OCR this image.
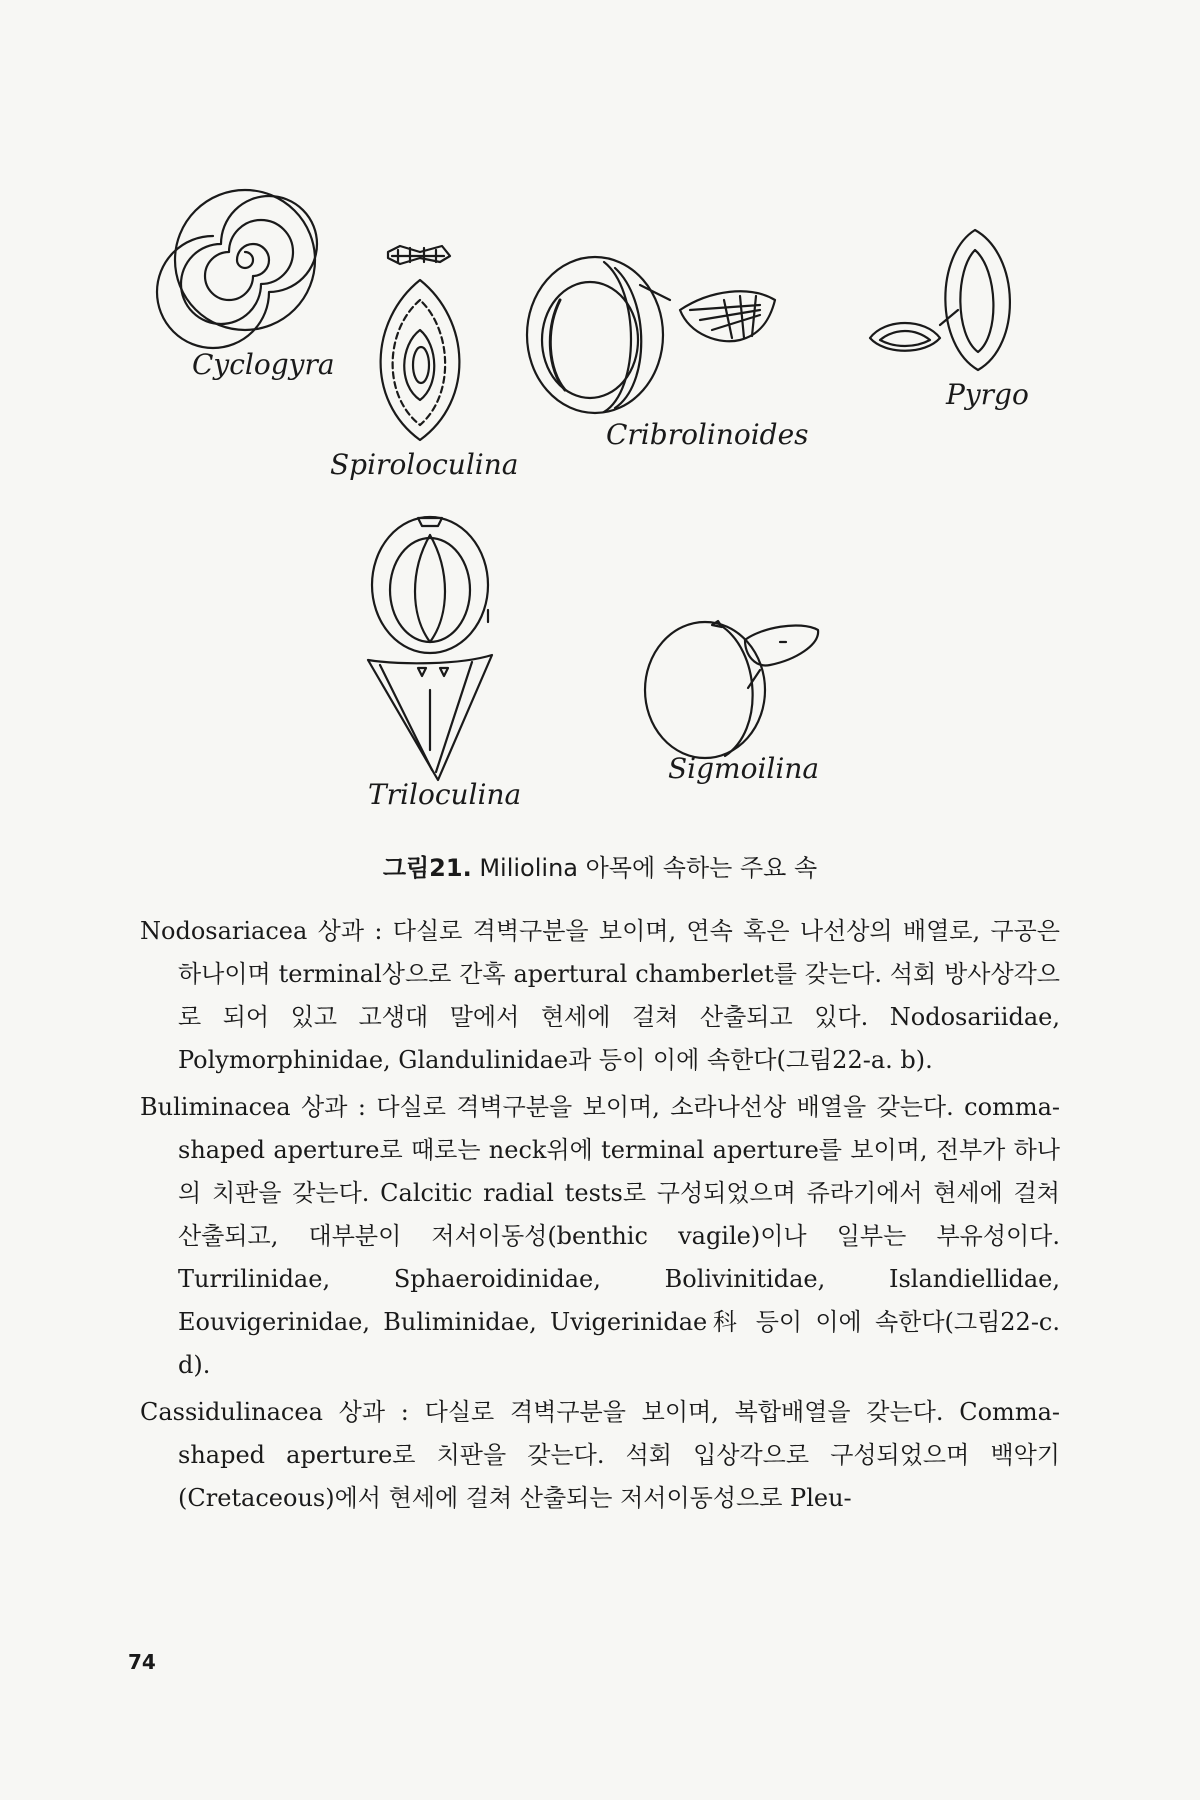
Cyclogyra
Spiroloculina
Cribrolinoides
Pyrgo
Triloculina
Sigmoilina
그림21. Miliolina 아목에 속하는 주요 속

Nodosariacea 상과 : 다실로 격벽구분을 보이며, 연속 혹은 나선상의 배열로, 구공은 하나이며 terminal상으로 간혹 apertural chamberlet를 갖는다. 석회 방사상각으로 되어 있고 고생대 말에서 현세에 걸쳐 산출되고 있다. Nodosariidae, Polymorphinidae, Glandulinidae과 등이 이에 속한다(그림22-a. b).

Buliminacea 상과 : 다실로 격벽구분을 보이며, 소라나선상 배열을 갖는다. comma-shaped aperture로 때로는 neck위에 terminal aperture를 보이며, 전부가 하나의 치판을 갖는다. Calcitic radial tests로 구성되었으며 쥬라기에서 현세에 걸쳐 산출되고, 대부분이 저서이동성(benthic vagile)이나 일부는 부유성이다. Turrilinidae, Sphaeroidinidae, Bolivinitidae, Islandiellidae, Eouvigerinidae, Buliminidae, Uvigerinidae科 등이 이에 속한다(그림22-c. d).

Cassidulinacea 상과 : 다실로 격벽구분을 보이며, 복합배열을 갖는다. Comma-shaped aperture로 치판을 갖는다. 석회 입상각으로 구성되었으며 백악기(Cretaceous)에서 현세에 걸쳐 산출되는 저서이동성으로 Pleu-

74
